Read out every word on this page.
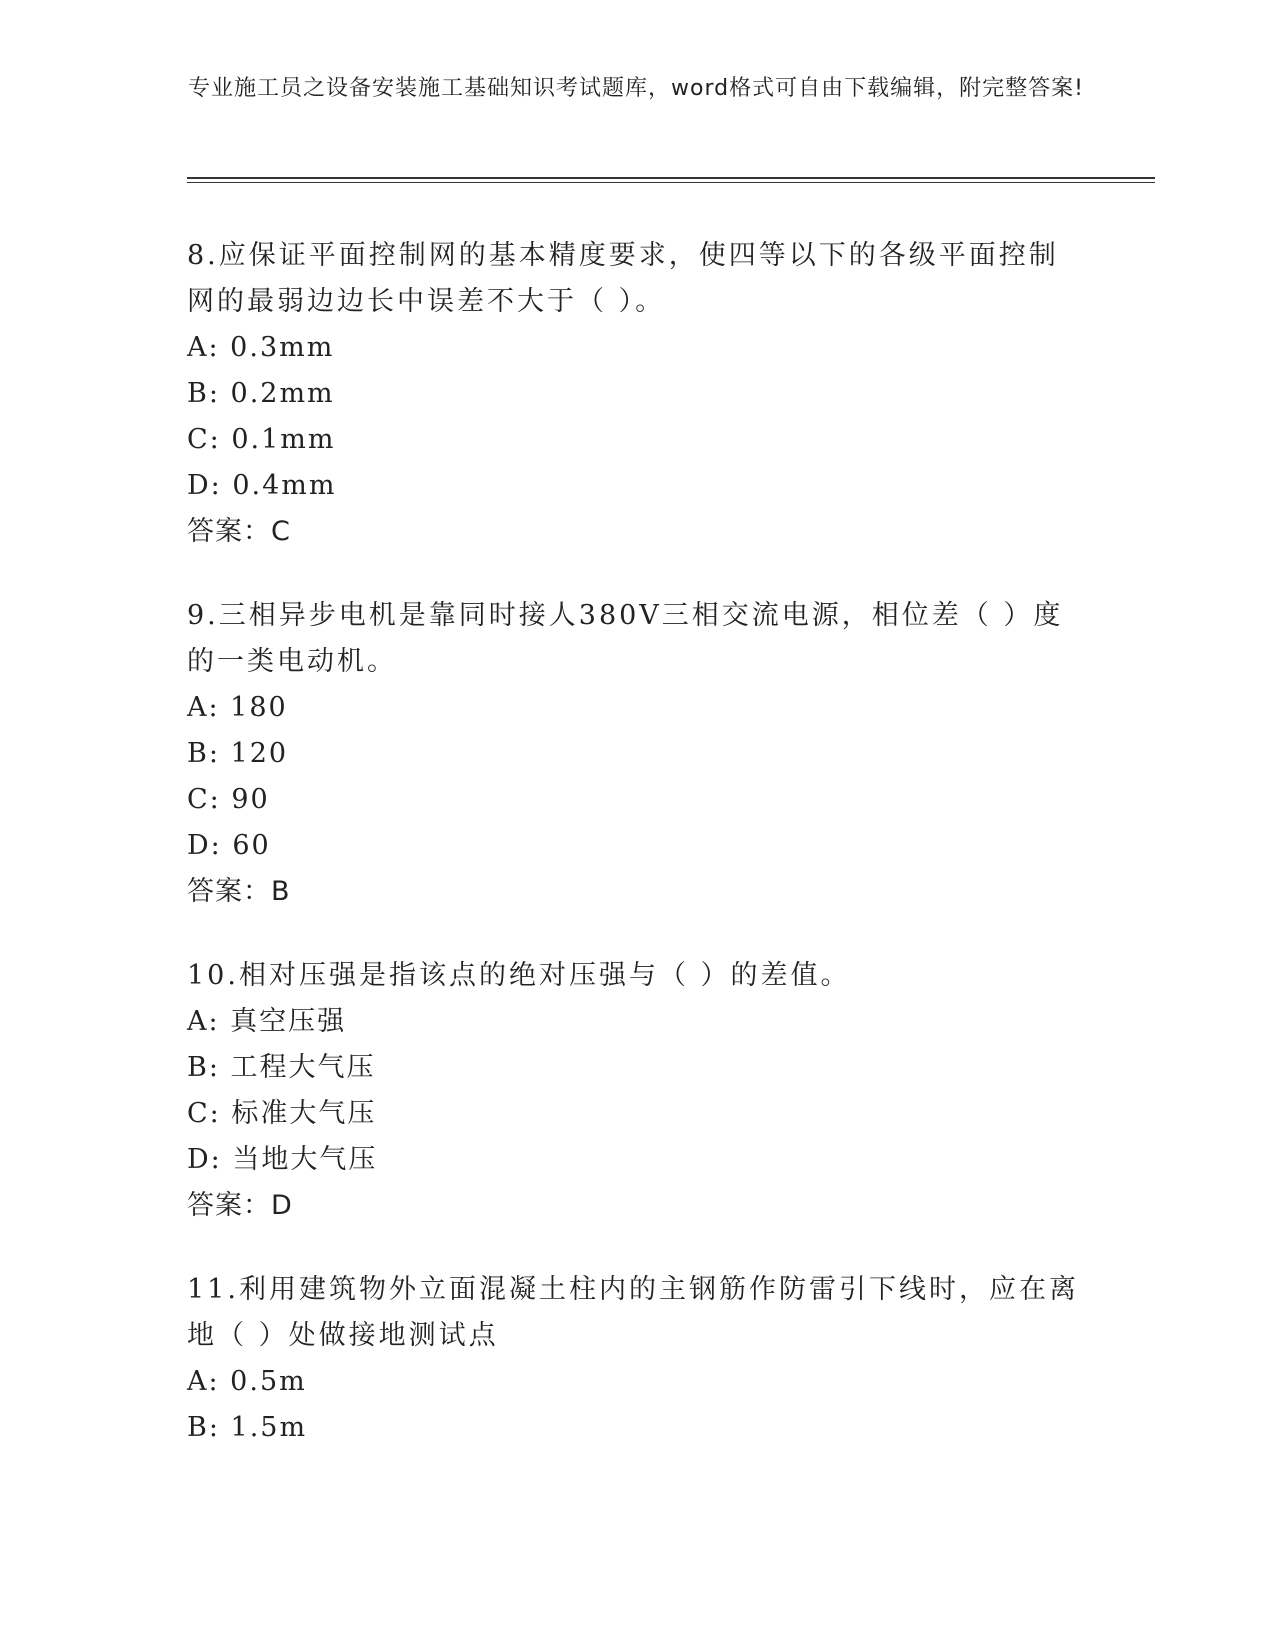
专业施工员之设备安装施工基础知识考试题库，word格式可自由下载编辑，附完整答案!

8.应保证平面控制网的基本精度要求，使四等以下的各级平面控制网的最弱边边长中误差不大于（ ）。

A: 0.3mm

B: 0.2mm

C: 0.1mm

D: 0.4mm

答案：C

9.三相异步电机是靠同时接人380V三相交流电源，相位差（ ）度的一类电动机。

A: 180

B: 120

C: 90

D: 60

答案：B

10.相对压强是指该点的绝对压强与（ ）的差值。

A: 真空压强

B: 工程大气压

C: 标准大气压

D: 当地大气压

答案：D

11.利用建筑物外立面混凝土柱内的主钢筋作防雷引下线时，应在离地（ ）处做接地测试点

A: 0.5m

B: 1.5m
